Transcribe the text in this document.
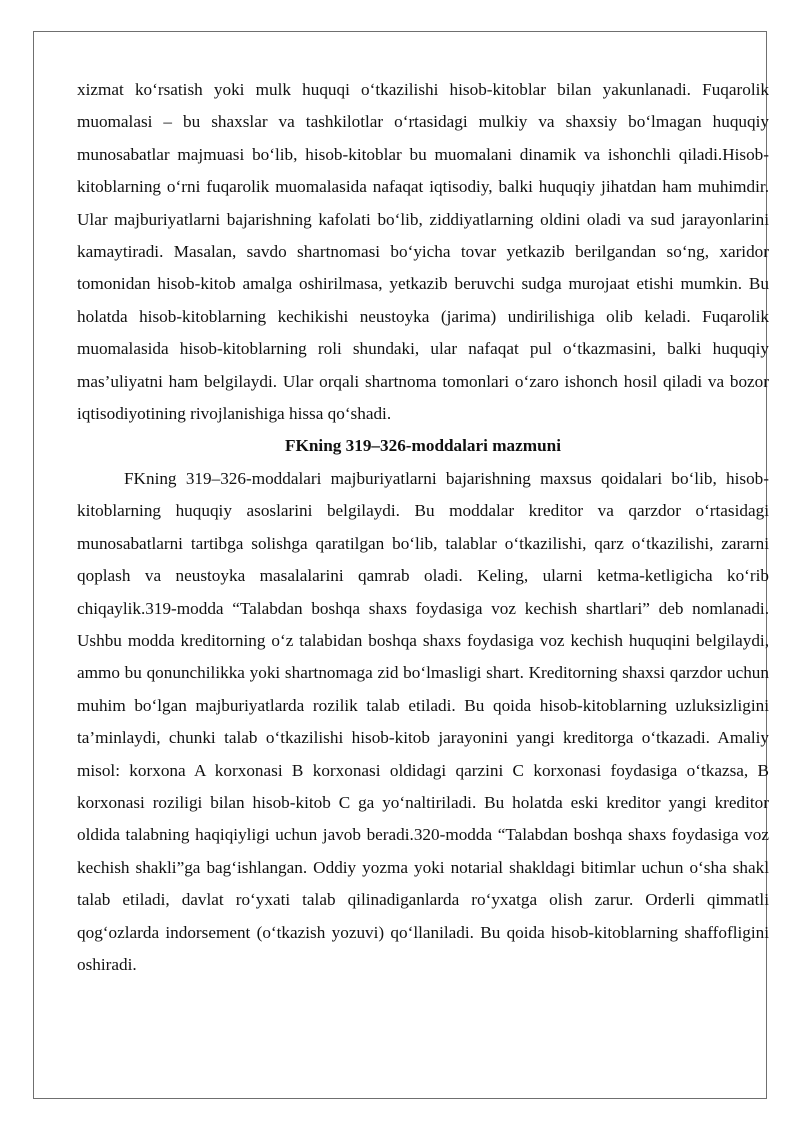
xizmat ko‘rsatish yoki mulk huquqi o‘tkazilishi hisob-kitoblar bilan yakunlanadi. Fuqarolik muomalasi – bu shaxslar va tashkilotlar o‘rtasidagi mulkiy va shaxsiy bo‘lmagan huquqiy munosabatlar majmuasi bo‘lib, hisob-kitoblar bu muomalani dinamik va ishonchli qiladi.Hisob-kitoblarning o‘rni fuqarolik muomalasida nafaqat iqtisodiy, balki huquqiy jihatdan ham muhimdir. Ular majburiyatlarni bajarishning kafolati bo‘lib, ziddiyatlarning oldini oladi va sud jarayonlarini kamaytiradi. Masalan, savdo shartnomasi bo‘yicha tovar yetkazib berilgandan so‘ng, xaridor tomonidan hisob-kitob amalga oshirilmasa, yetkazib beruvchi sudga murojaat etishi mumkin. Bu holatda hisob-kitoblarning kechikishi neustoyka (jarima) undirilishiga olib keladi. Fuqarolik muomalasida hisob-kitoblarning roli shundaki, ular nafaqat pul o‘tkazmasini, balki huquqiy mas’uliyatni ham belgilaydi. Ular orqali shartnoma tomonlari o‘zaro ishonch hosil qiladi va bozor iqtisodiyotining rivojlanishiga hissa qo‘shadi.

FKning 319–326-moddalari mazmuni

FKning 319–326-moddalari majburiyatlarni bajarishning maxsus qoidalari bo‘lib, hisob-kitoblarning huquqiy asoslarini belgilaydi. Bu moddalar kreditor va qarzdor o‘rtasidagi munosabatlarni tartibga solishga qaratilgan bo‘lib, talablar o‘tkazilishi, qarz o‘tkazilishi, zararni qoplash va neustoyka masalalarini qamrab oladi. Keling, ularni ketma-ketligicha ko‘rib chiqaylik.319-modda “Talabdan boshqa shaxs foydasiga voz kechish shartlari” deb nomlanadi. Ushbu modda kreditorning o‘z talabidan boshqa shaxs foydasiga voz kechish huquqini belgilaydi, ammo bu qonunchilikka yoki shartnomaga zid bo‘lmasligi shart. Kreditorning shaxsi qarzdor uchun muhim bo‘lgan majburiyatlarda rozilik talab etiladi. Bu qoida hisob-kitoblarning uzluksizligini ta’minlaydi, chunki talab o‘tkazilishi hisob-kitob jarayonini yangi kreditorga o‘tkazadi. Amaliy misol: korxona A korxonasi B korxonasi oldidagi qarzini C korxonasi foydasiga o‘tkazsa, B korxonasi roziligi bilan hisob-kitob C ga yo‘naltiriladi. Bu holatda eski kreditor yangi kreditor oldida talabning haqiqiyligi uchun javob beradi.320-modda “Talabdan boshqa shaxs foydasiga voz kechish shakli”ga bag‘ishlangan. Oddiy yozma yoki notarial shakldagi bitimlar uchun o‘sha shakl talab etiladi, davlat ro‘yxati talab qilinadiganlarda ro‘yxatga olish zarur. Orderli qimmatli qog‘ozlarda indorsement (o‘tkazish yozuvi) qo‘llaniladi. Bu qoida hisob-kitoblarning shaffofligini oshiradi.
